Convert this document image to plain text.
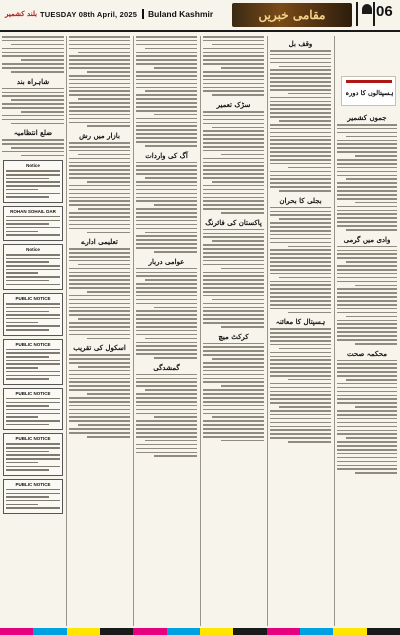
بلند کشمیر TUESDAY 08th April, 2025	Buland Kashmir	مقامی خبریں	06
ہسپتالوں کا دورہ
جموں کشمیر
وادی میں گرمی
محکمہ صحت
وقف بل
بجلی کا بحران
ہسپتال کا معائنہ
سڑک تعمیر
پاکستان کی فائرنگ
کرکٹ میچ
آگ کی واردات
عوامی دربار
گمشدگی
بازار میں رش
تعلیمی ادارے
اسکول کی تقریب
شاہراہ بند
ضلع انتظامیہ
Notice
ROHAN SOHAIL DAR
Notice
PUBLIC NOTICE
PUBLIC NOTICE
PUBLIC NOTICE
PUBLIC NOTICE
PUBLIC NOTICE
